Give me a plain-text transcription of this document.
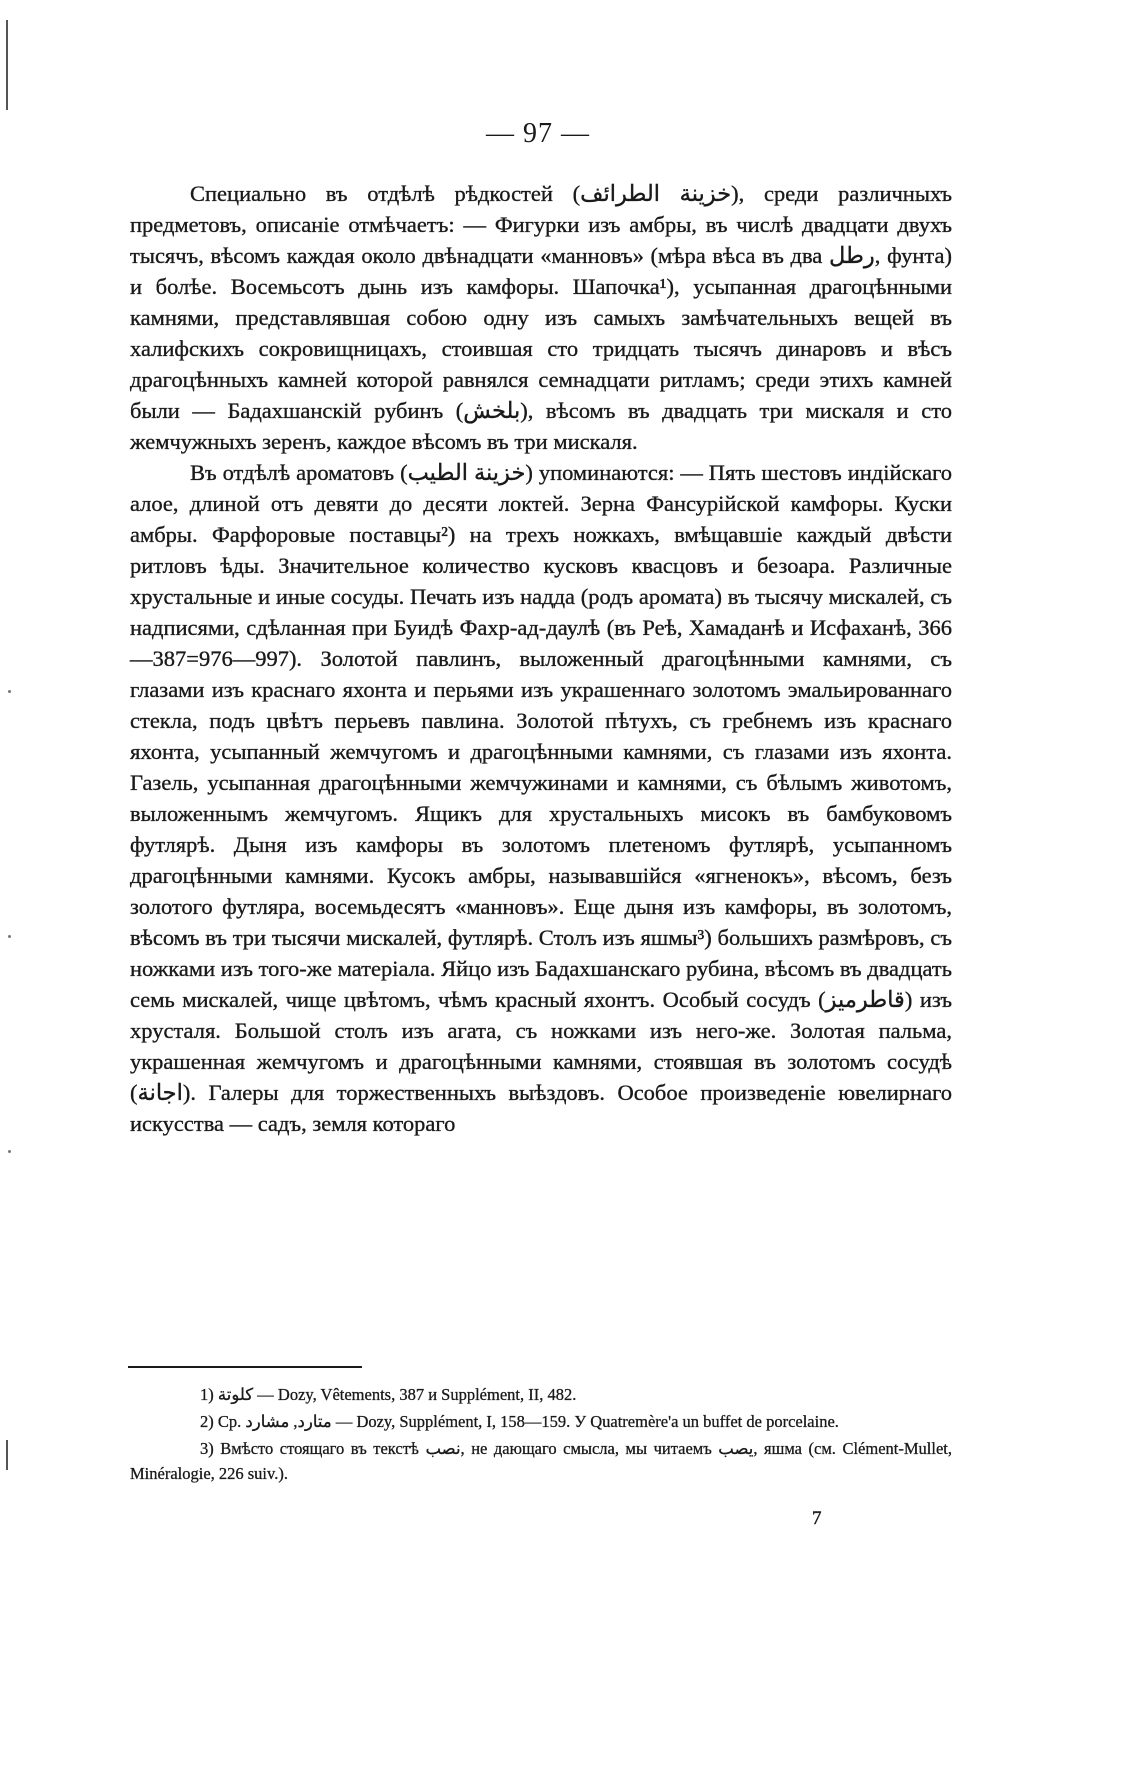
— 97 —

Специально въ отдѣлѣ рѣдкостей (خزينة الطرائف), среди различныхъ предметовъ, описаніе отмѣчаетъ: — Фигурки изъ амбры, въ числѣ двадцати двухъ тысячъ, вѣсомъ каждая около двѣнадцати «манновъ» (мѣра вѣса въ два رطل, фунта) и болѣе. Восемьсотъ дынь изъ камфоры. Шапочка¹), усыпанная драгоцѣнными камнями, представлявшая собою одну изъ самыхъ замѣчательныхъ вещей въ халифскихъ сокровищницахъ, стоившая сто тридцать тысячъ динаровъ и вѣсъ драгоцѣнныхъ камней которой равнялся семнадцати ритламъ; среди этихъ камней были — Бадахшанскій рубинъ (بلخش), вѣсомъ въ двадцать три мискаля и сто жемчужныхъ зеренъ, каждое вѣсомъ въ три мискаля.

Въ отдѣлѣ ароматовъ (خزينة الطيب) упоминаются: — Пять шестовъ индійскаго алое, длиной отъ девяти до десяти локтей. Зерна Фансурійской камфоры. Куски амбры. Фарфоровые поставцы²) на трехъ ножкахъ, вмѣщавшіе каждый двѣсти ритловъ ѣды. Значительное количество кусковъ квасцовъ и безоара. Различные хрустальные и иные сосуды. Печать изъ надда (родъ аромата) въ тысячу мискалей, съ надписями, сдѣланная при Буидѣ Фахр-ад-даулѣ (въ Реѣ, Хамаданѣ и Исфаханѣ, 366—387=976—997). Золотой павлинъ, выложенный драгоцѣнными камнями, съ глазами изъ краснаго яхонта и перьями изъ украшеннаго золотомъ эмальированнаго стекла, подъ цвѣтъ перьевъ павлина. Золотой пѣтухъ, съ гребнемъ изъ краснаго яхонта, усыпанный жемчугомъ и драгоцѣнными камнями, съ глазами изъ яхонта. Газель, усыпанная драгоцѣнными жемчужинами и камнями, съ бѣлымъ животомъ, выложеннымъ жемчугомъ. Ящикъ для хрустальныхъ мисокъ въ бамбуковомъ футлярѣ. Дыня изъ камфоры въ золотомъ плетеномъ футлярѣ, усыпанномъ драгоцѣнными камнями. Кусокъ амбры, называвшійся «ягненокъ», вѣсомъ, безъ золотого футляра, восемьдесятъ «манновъ». Еще дыня изъ камфоры, въ золотомъ, вѣсомъ въ три тысячи мискалей, футлярѣ. Столъ изъ яшмы³) большихъ размѣровъ, съ ножками изъ того-же матеріала. Яйцо изъ Бадахшанскаго рубина, вѣсомъ въ двадцать семь мискалей, чище цвѣтомъ, чѣмъ красный яхонтъ. Особый сосудъ (قاطرميز) изъ хрусталя. Большой столъ изъ агата, съ ножками изъ него-же. Золотая пальма, украшенная жемчугомъ и драгоцѣнными камнями, стоявшая въ золотомъ сосудѣ (اجانة). Галеры для торжественныхъ выѣздовъ. Особое произведеніе ювелирнаго искусства — садъ, земля котораго

1) كلوتة — Dozy, Vêtements, 387 и Supplément, II, 482.

2) Ср. متارد, مشارد — Dozy, Supplément, I, 158—159. У Quatremère'a un buffet de porcelaine.

3) Вмѣсто стоящаго въ текстѣ نصب, не дающаго смысла, мы читаемъ يصب, яшма (см. Clément-Mullet, Minéralogie, 226 suiv.).

7
